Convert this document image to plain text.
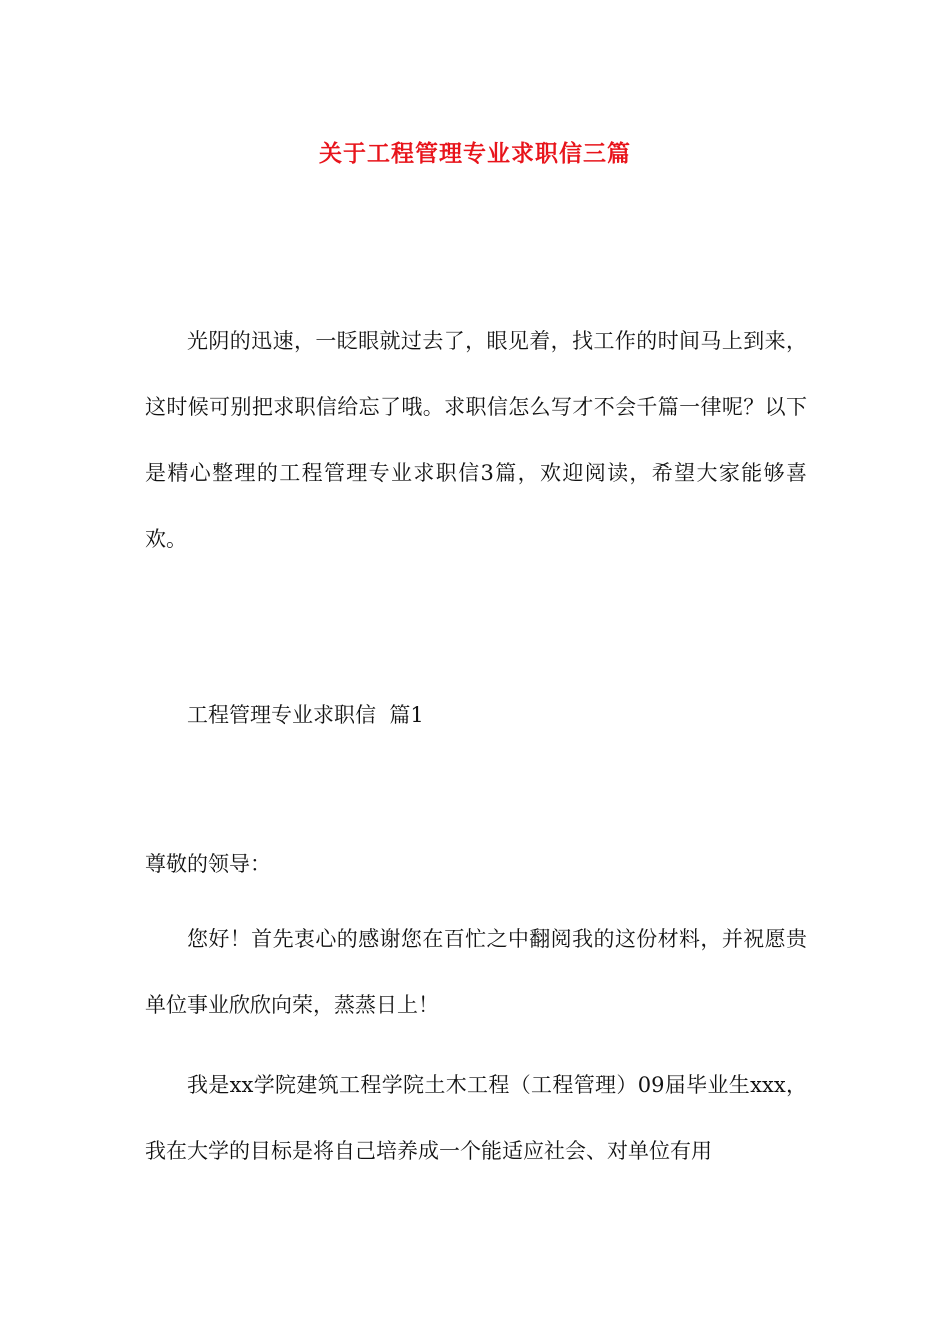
关于工程管理专业求职信三篇

光阴的迅速，一眨眼就过去了，眼见着，找工作的时间马上到来，这时候可别把求职信给忘了哦。求职信怎么写才不会千篇一律呢？以下是精心整理的工程管理专业求职信3篇，欢迎阅读，希望大家能够喜欢。

工程管理专业求职信  篇1

尊敬的领导：

您好！首先衷心的感谢您在百忙之中翻阅我的这份材料，并祝愿贵单位事业欣欣向荣，蒸蒸日上！

我是xx学院建筑工程学院土木工程（工程管理）09届毕业生xxx，我在大学的目标是将自己培养成一个能适应社会、对单位有用
